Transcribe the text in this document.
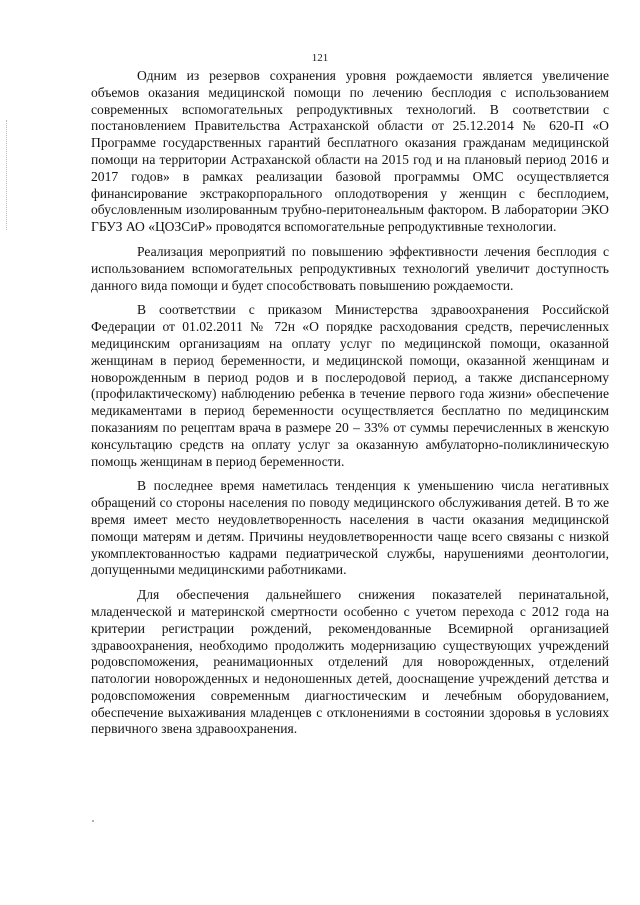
121

Одним из резервов сохранения уровня рождаемости является увеличение объемов оказания медицинской помощи по лечению бесплодия с использованием современных вспомогательных репродуктивных технологий. В соответствии с постановлением Правительства Астраханской области от 25.12.2014 № 620-П «О Программе государственных гарантий бесплатного оказания гражданам медицинской помощи на территории Астраханской области на 2015 год и на плановый период 2016 и 2017 годов» в рамках реализации базовой программы ОМС осуществляется финансирование экстракорпорального оплодотворения у женщин с бесплодием, обусловленным изолированным трубно-перитонеальным фактором. В лаборатории ЭКО ГБУЗ АО «ЦОЗСиР» проводятся вспомогательные репродуктивные технологии.

Реализация мероприятий по повышению эффективности лечения бесплодия с использованием вспомогательных репродуктивных технологий увеличит доступность данного вида помощи и будет способствовать повышению рождаемости.

В соответствии с приказом Министерства здравоохранения Российской Федерации от 01.02.2011 № 72н «О порядке расходования средств, перечисленных медицинским организациям на оплату услуг по медицинской помощи, оказанной женщинам в период беременности, и медицинской помощи, оказанной женщинам и новорожденным в период родов и в послеродовой период, а также диспансерному (профилактическому) наблюдению ребенка в течение первого года жизни» обеспечение медикаментами в период беременности осуществляется бесплатно по медицинским показаниям по рецептам врача в размере 20 – 33% от суммы перечисленных в женскую консультацию средств на оплату услуг за оказанную амбулаторно-поликлиническую помощь женщинам в период беременности.

В последнее время наметилась тенденция к уменьшению числа негативных обращений со стороны населения по поводу медицинского обслуживания детей. В то же время имеет место неудовлетворенность населения в части оказания медицинской помощи матерям и детям. Причины неудовлетворенности чаще всего связаны с низкой укомплектованностью кадрами педиатрической службы, нарушениями деонтологии, допущенными медицинскими работниками.

Для обеспечения дальнейшего снижения показателей перинатальной, младенческой и материнской смертности особенно с учетом перехода с 2012 года на критерии регистрации рождений, рекомендованные Всемирной организацией здравоохранения, необходимо продолжить модернизацию существующих учреждений родовспоможения, реанимационных отделений для новорожденных, отделений патологии новорожденных и недоношенных детей, дооснащение учреждений детства и родовспоможения современным диагностическим и лечебным оборудованием, обеспечение выхаживания младенцев с отклонениями в состоянии здоровья в условиях первичного звена здравоохранения.
